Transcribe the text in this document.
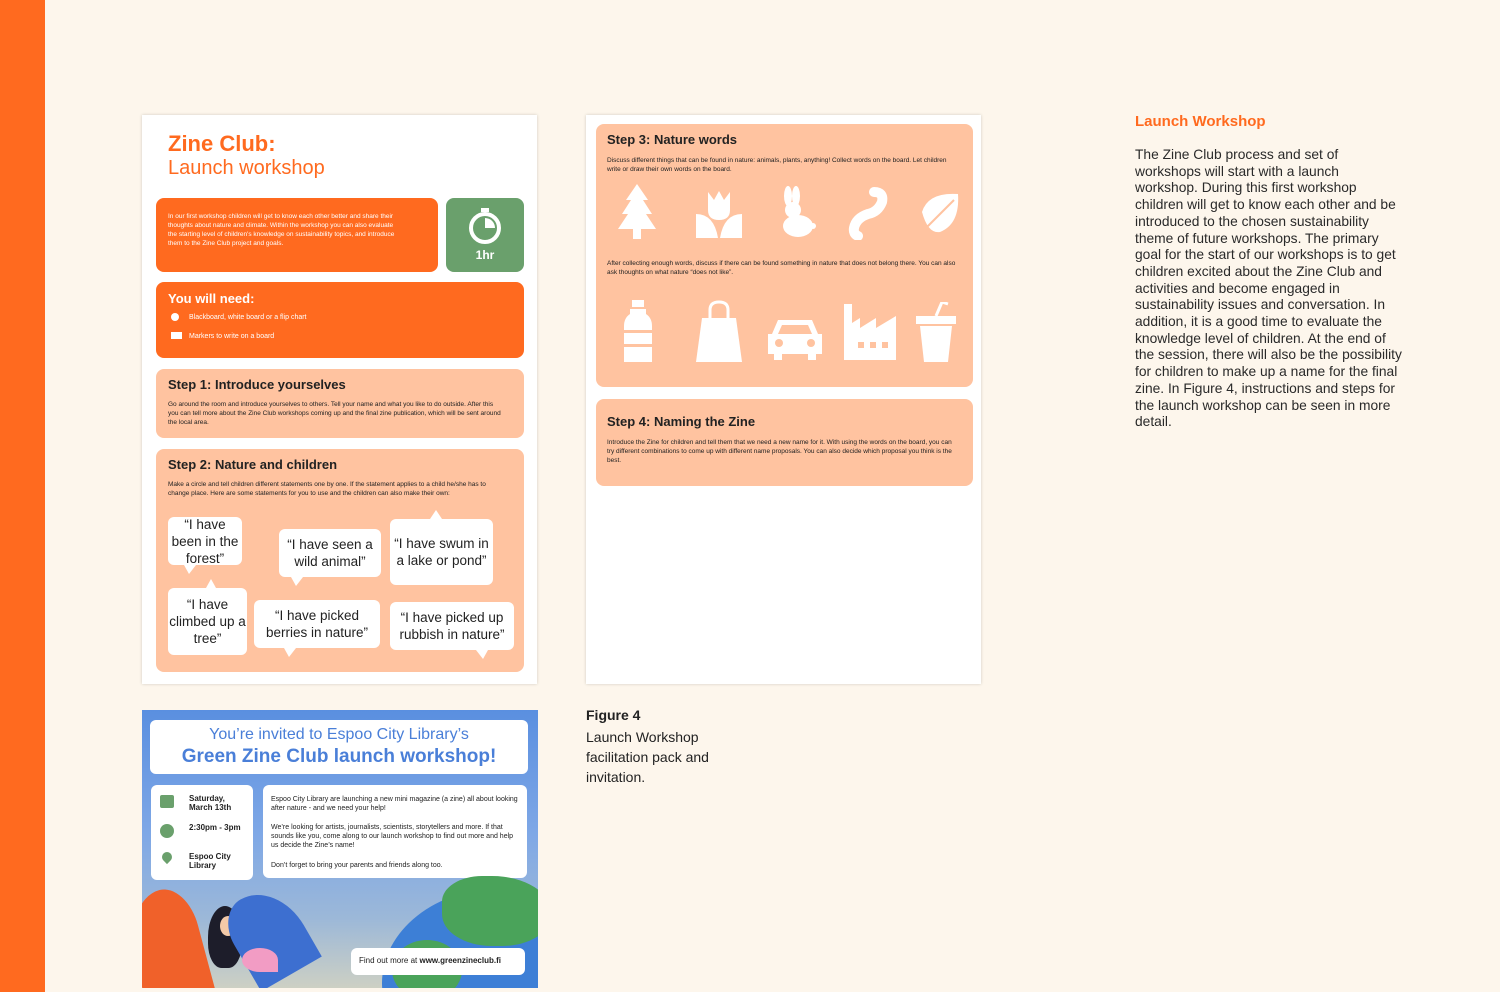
Zine Club:
Launch workshop
In our first workshop children will get to know each other better and share their thoughts about nature and climate. Within the workshop you can also evaluate the starting level of children's knowledge on sustainability topics, and introduce them to the Zine Club project and goals.
1hr
You will need:
Blackboard, white board or a flip chart
Markers to write on a board
Step 1: Introduce yourselves
Go around the room and introduce yourselves to others. Tell your name and what you like to do outside. After this you can tell more about the Zine Club workshops coming up and the final zine publication, which will be sent around the local area.
Step 2: Nature and children
Make a circle and tell children different statements one by one. If the statement applies to a child he/she has to change place. Here are some statements for you to use and the children can also make their own:
“I have been in the forest”
“I have seen a wild animal”
“I have swum in a lake or pond”
“I have climbed up a tree”
“I have picked berries in nature”
“I have picked up rubbish in nature”
Step 3: Nature words
Discuss different things that can be found in nature: animals, plants, anything! Collect words on the board. Let children write or draw their own words on the board.
After collecting enough words, discuss if there can be found something in nature that does not belong there. You can also ask thoughts on what nature “does not like”.
Step 4: Naming the Zine
Introduce the Zine for children and tell them that we need a new name for it. With using the words on the board, you can try different combinations to come up with different name proposals. You can also decide which proposal you think is the best.
You’re invited to Espoo City Library’s
Green Zine Club launch workshop!
Saturday, March 13th
2:30pm - 3pm
Espoo City Library
Espoo City Library are launching a new mini magazine (a zine) all about looking after nature - and we need your help!
We’re looking for artists, journalists, scientists, storytellers and more. If that sounds like you, come along to our launch workshop to find out more and help us decide the Zine’s name!
Don’t forget to bring your parents and friends along too.
Find out more at www.greenzineclub.fi
Figure 4
Launch Workshop facilitation pack and invitation.
Launch Workshop
The Zine Club process and set of workshops will start with a launch workshop. During this first workshop children will get to know each other and be introduced to the chosen sustainability theme of future workshops. The primary goal for the start of our workshops is to get children excited about the Zine Club and activities and become engaged in sustainability issues and conversation. In addition, it is a good time to evaluate the knowledge level of children. At the end of the session, there will also be the possibility for children to make up a name for the final zine. In Figure 4, instructions and steps for the launch workshop can be seen in more detail.
